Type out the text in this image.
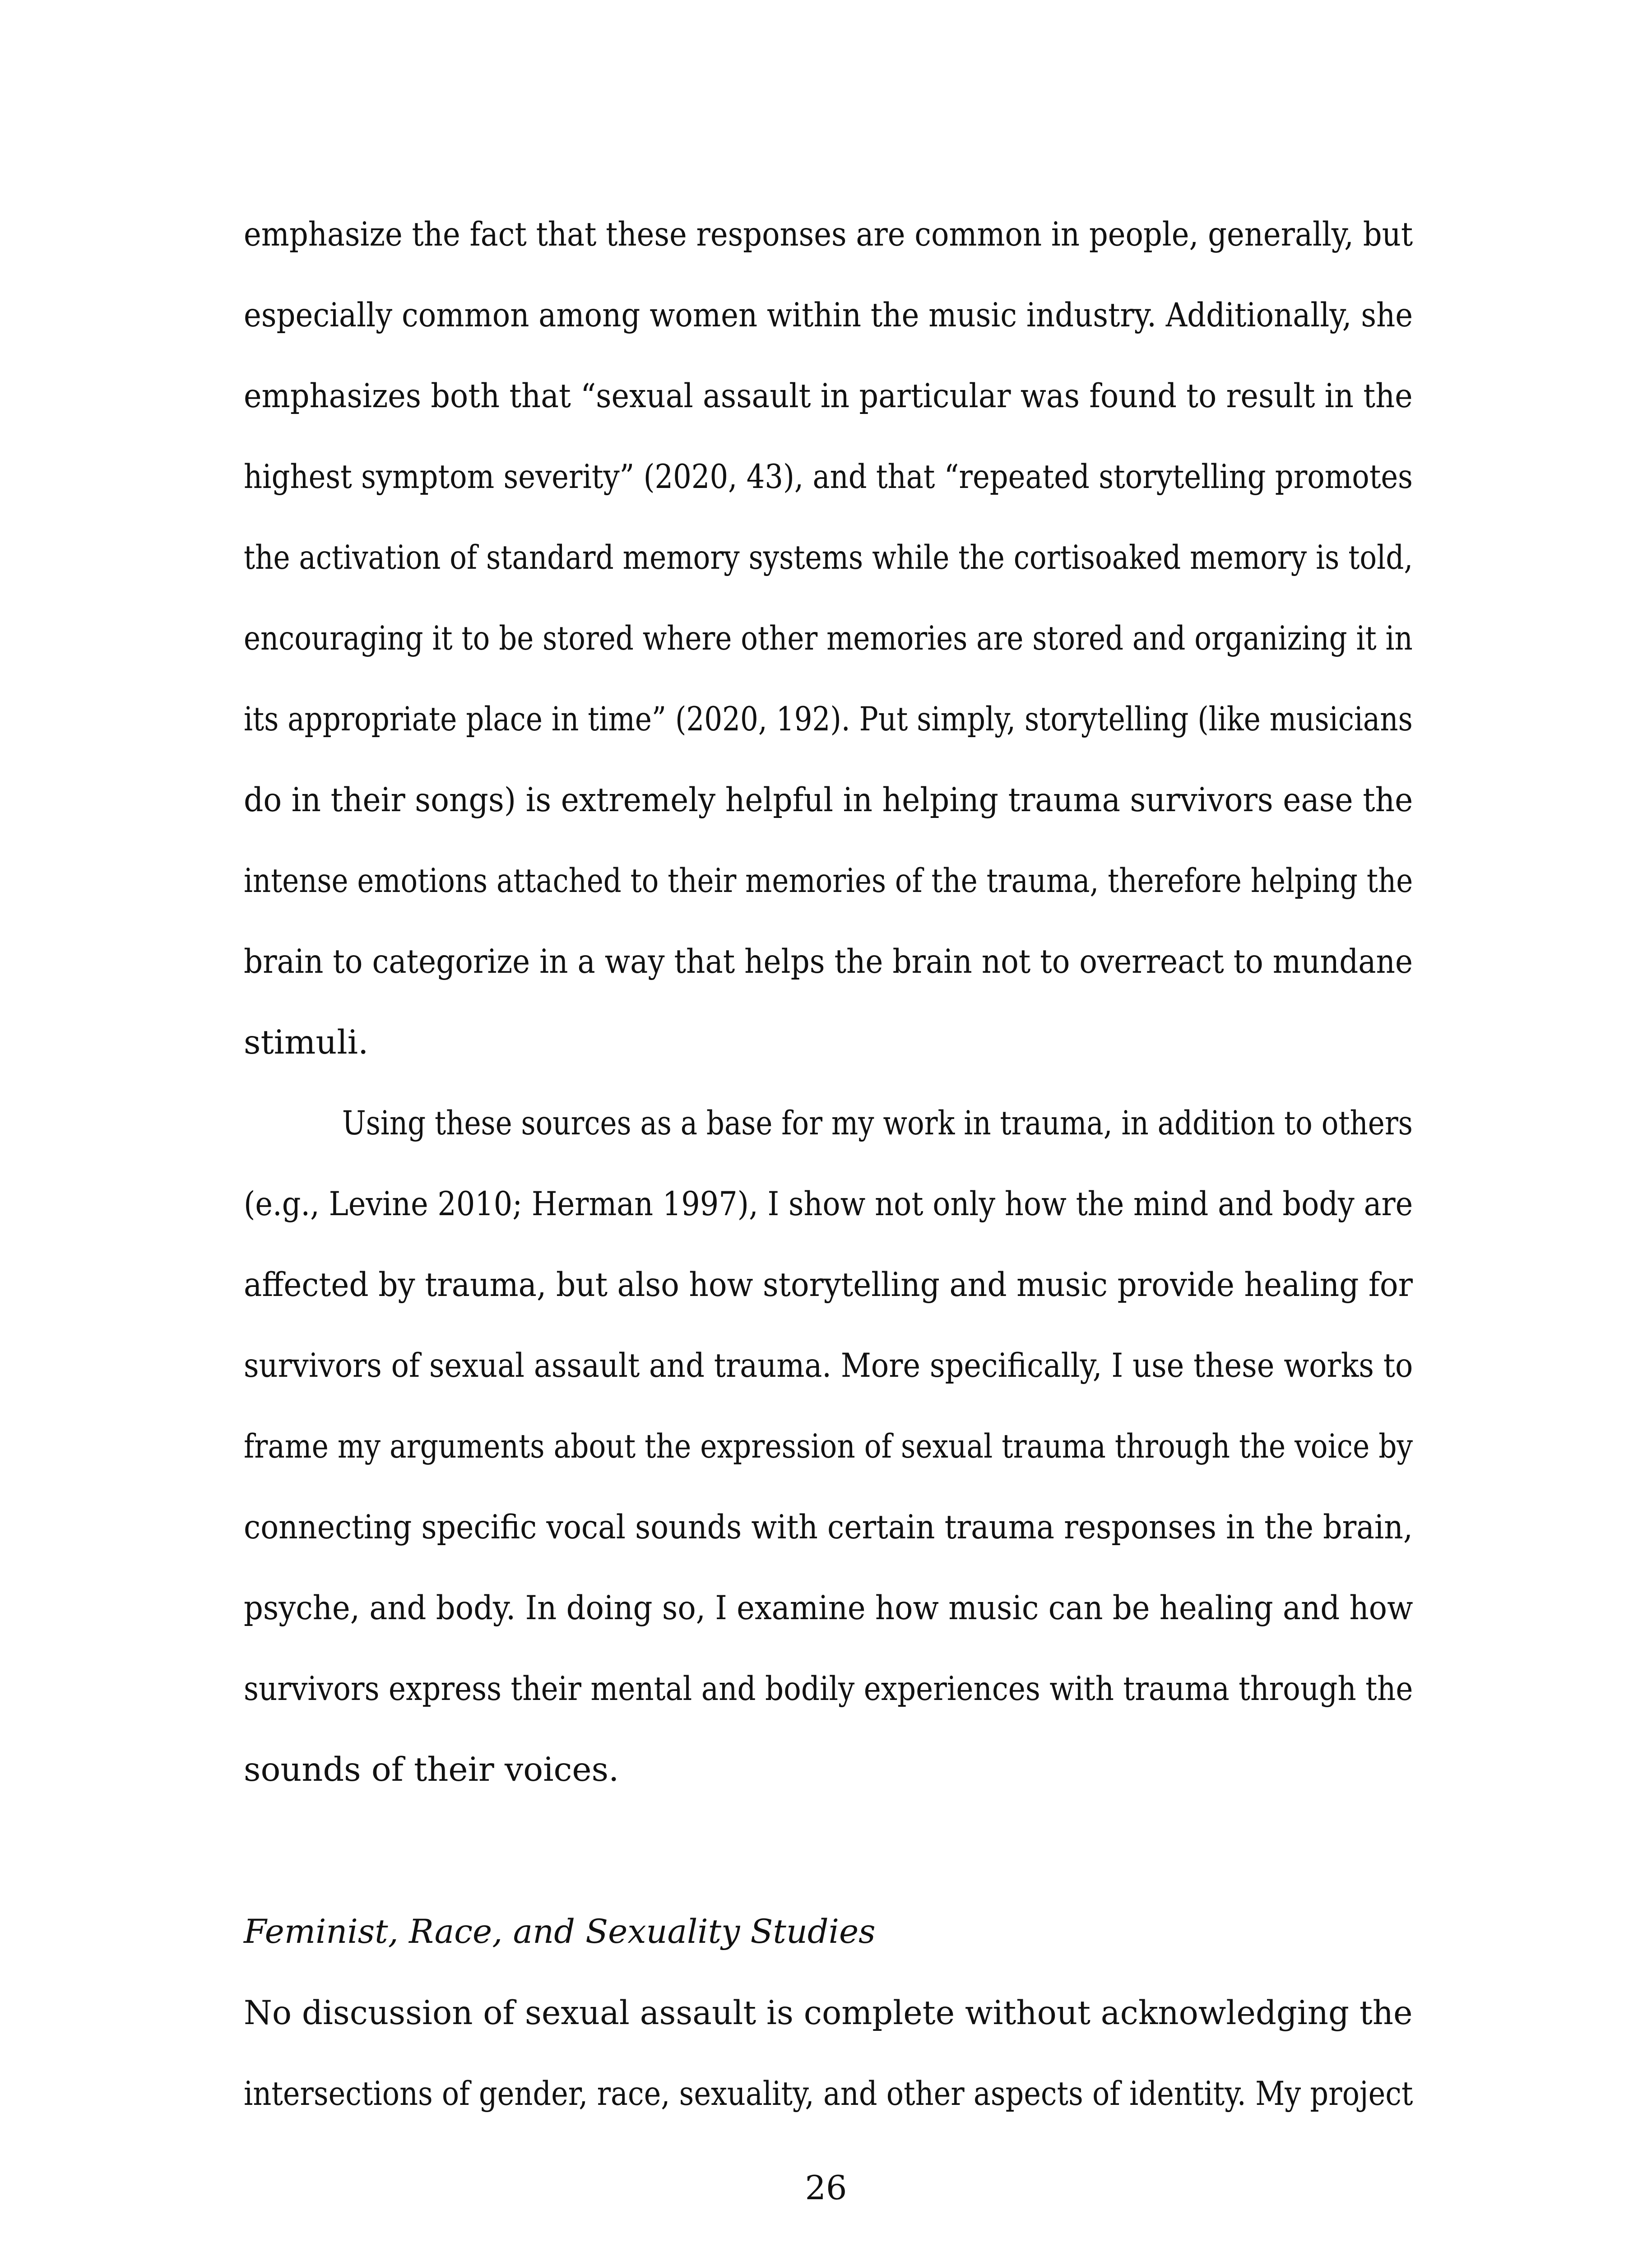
emphasize the fact that these responses are common in people, generally, but
especially common among women within the music industry. Additionally, she
emphasizes both that “sexual assault in particular was found to result in the
highest symptom severity” (2020, 43), and that “repeated storytelling promotes
the activation of standard memory systems while the cortisoaked memory is told,
encouraging it to be stored where other memories are stored and organizing it in
its appropriate place in time” (2020, 192). Put simply, storytelling (like musicians
do in their songs) is extremely helpful in helping trauma survivors ease the
intense emotions attached to their memories of the trauma, therefore helping the
brain to categorize in a way that helps the brain not to overreact to mundane
stimuli.
Using these sources as a base for my work in trauma, in addition to others
(e.g., Levine 2010; Herman 1997), I show not only how the mind and body are
affected by trauma, but also how storytelling and music provide healing for
survivors of sexual assault and trauma. More specifically, I use these works to
frame my arguments about the expression of sexual trauma through the voice by
connecting specific vocal sounds with certain trauma responses in the brain,
psyche, and body. In doing so, I examine how music can be healing and how
survivors express their mental and bodily experiences with trauma through the
sounds of their voices.
Feminist, Race, and Sexuality Studies
No discussion of sexual assault is complete without acknowledging the
intersections of gender, race, sexuality, and other aspects of identity. My project
26
